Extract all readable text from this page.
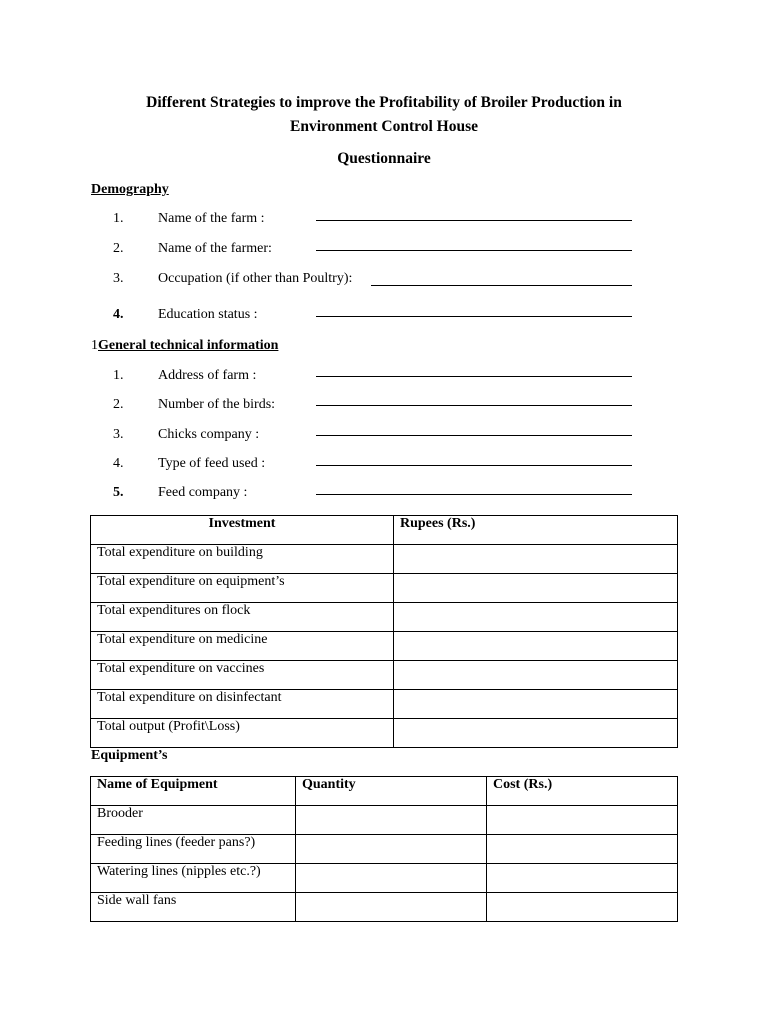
Different Strategies to improve the Profitability of Broiler Production in
Environment Control House
Questionnaire
Demography
1. Name of the farm :
2. Name of the farmer:
3. Occupation (if other than Poultry):
4. Education status :
1General technical information
1. Address of farm :
2. Number of the birds:
3. Chicks company :
4. Type of feed used :
5. Feed company :
Investment	Rupees (Rs.)
Total expenditure on building	
Total expenditure on equipment’s	
Total expenditures on flock	
Total expenditure on medicine	
Total expenditure on vaccines	
Total expenditure on disinfectant	
Total output (Profit\Loss)	
Equipment’s
Name of Equipment	Quantity	Cost (Rs.)
Brooder		
Feeding lines (feeder pans?)		
Watering lines (nipples etc.?)		
Side wall fans		
